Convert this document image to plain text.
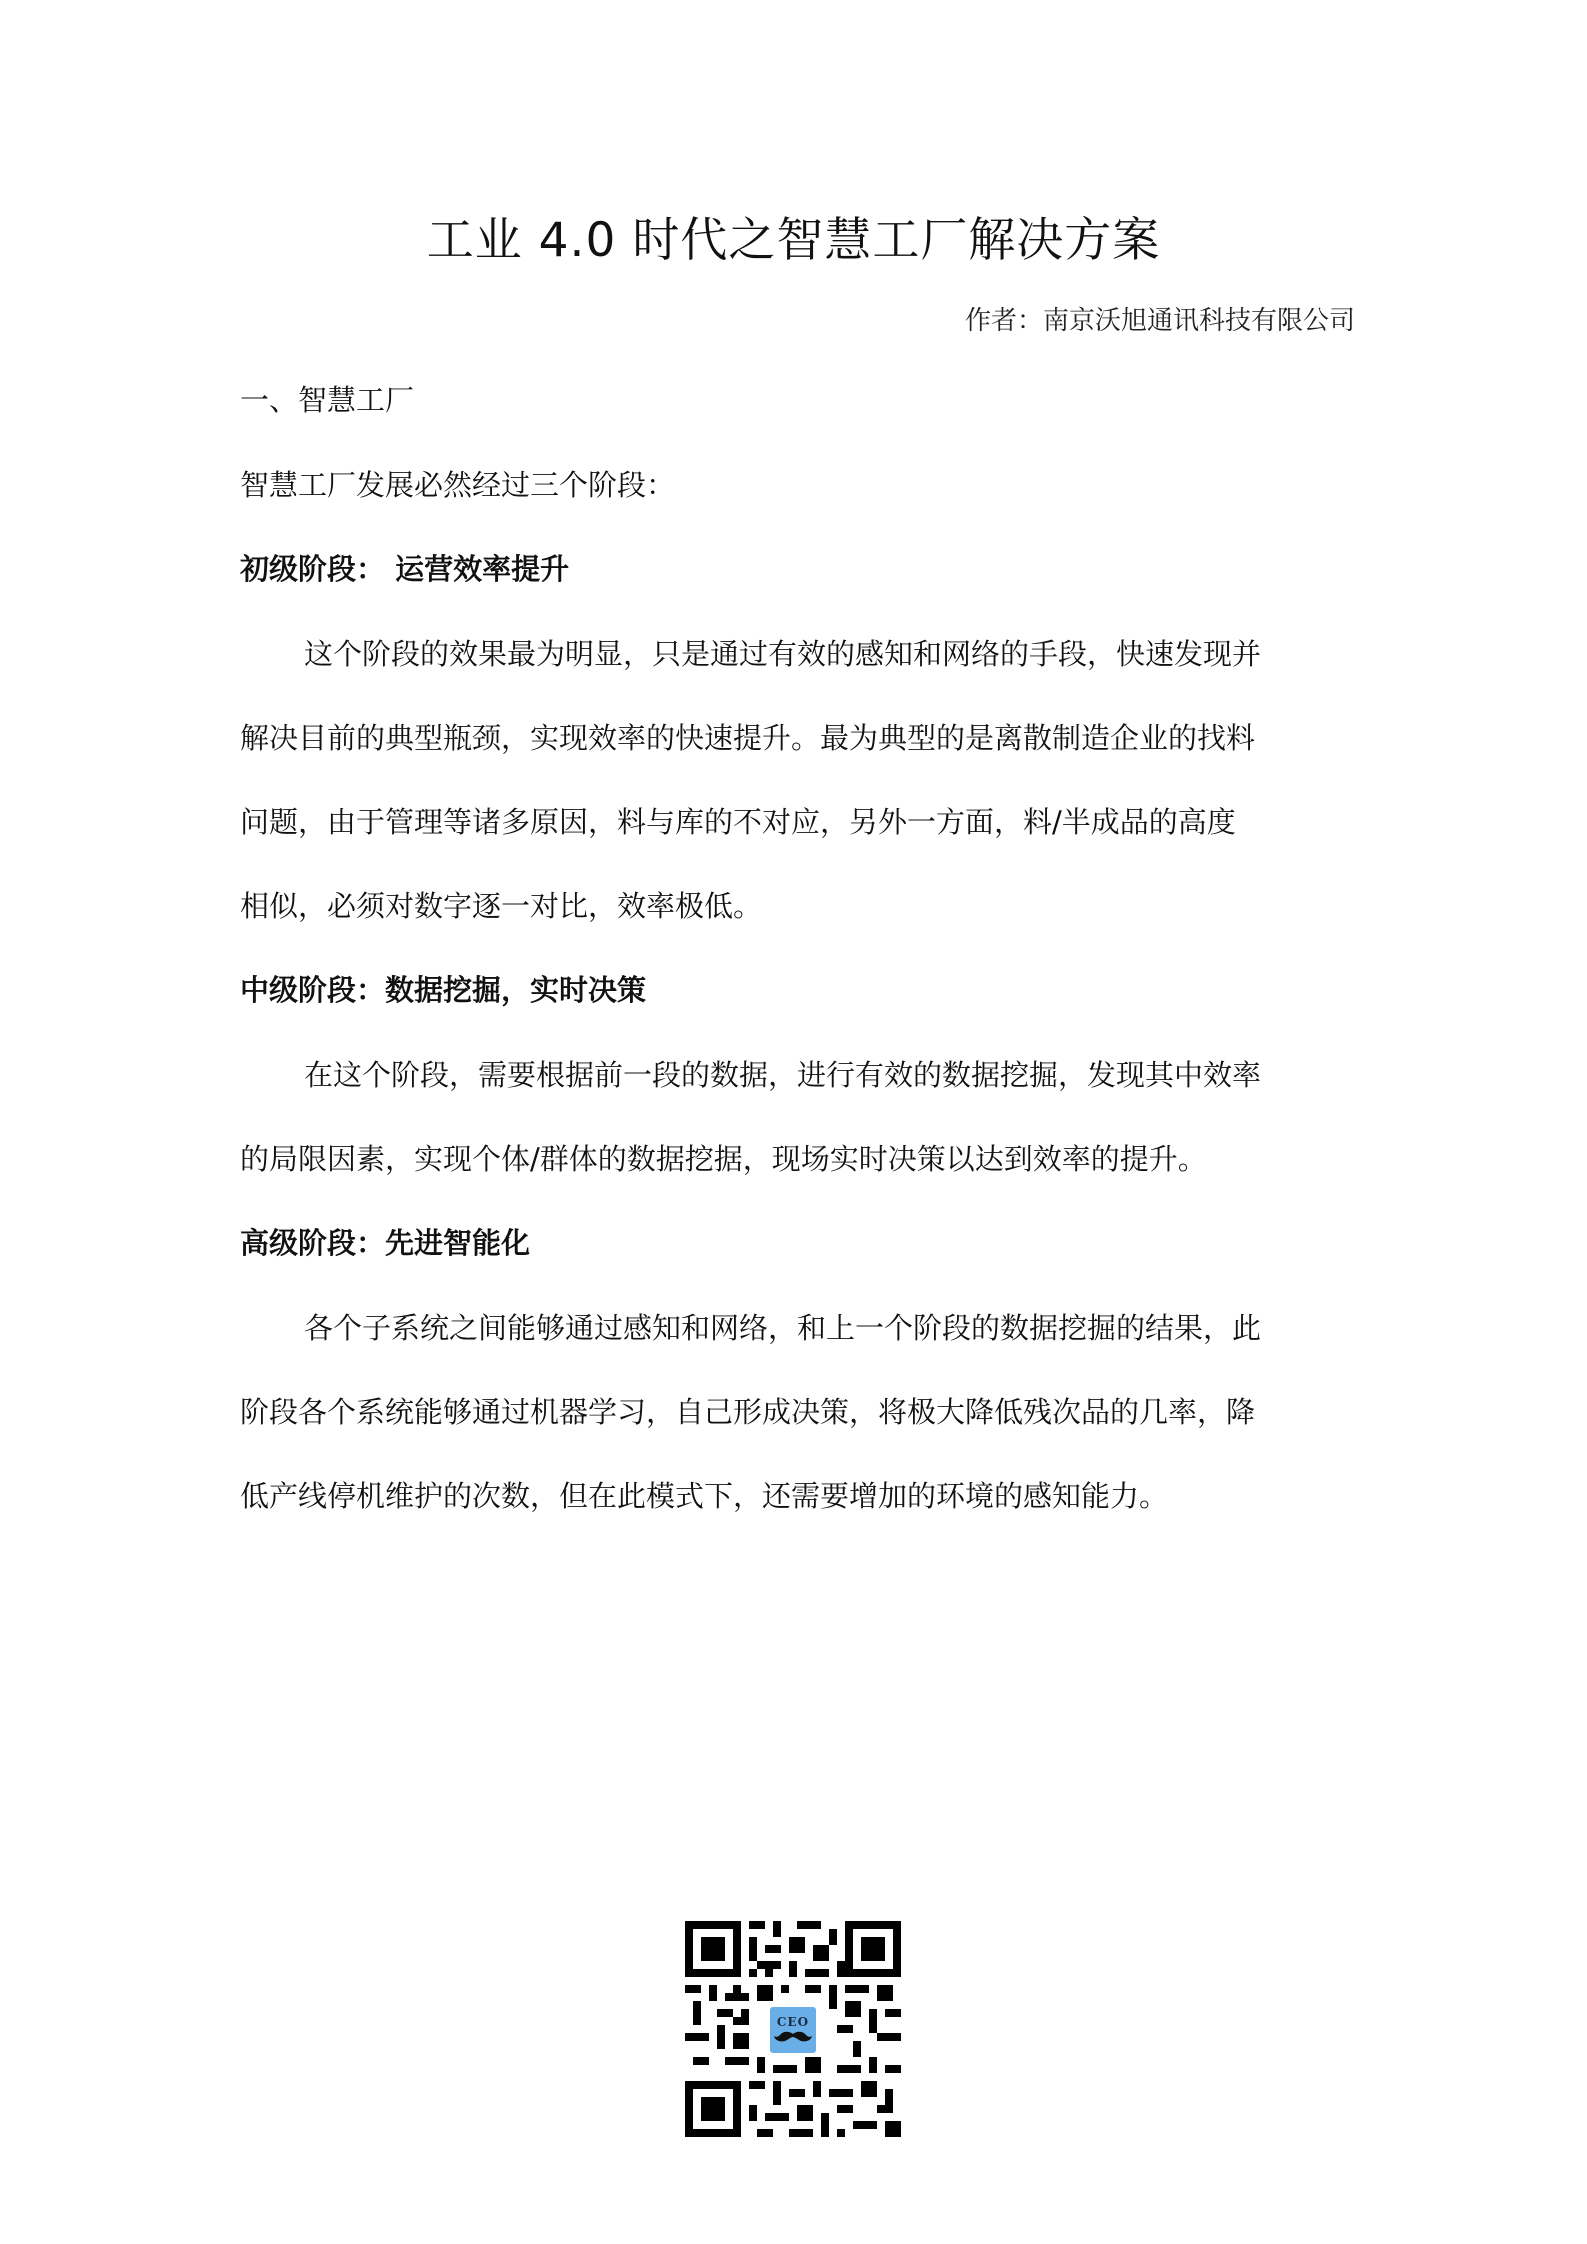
工业 4.0 时代之智慧工厂解决方案
作者：南京沃旭通讯科技有限公司
一、智慧工厂
智慧工厂发展必然经过三个阶段：
初级阶段： 运营效率提升
这个阶段的效果最为明显，只是通过有效的感知和网络的手段，快速发现并
解决目前的典型瓶颈，实现效率的快速提升。最为典型的是离散制造企业的找料
问题，由于管理等诸多原因，料与库的不对应，另外一方面，料/半成品的高度
相似，必须对数字逐一对比，效率极低。
中级阶段：数据挖掘，实时决策
在这个阶段，需要根据前一段的数据，进行有效的数据挖掘，发现其中效率
的局限因素，实现个体/群体的数据挖据，现场实时决策以达到效率的提升。
高级阶段：先进智能化
各个子系统之间能够通过感知和网络，和上一个阶段的数据挖掘的结果，此
阶段各个系统能够通过机器学习，自己形成决策，将极大降低残次品的几率，降
低产线停机维护的次数，但在此模式下，还需要增加的环境的感知能力。
CEO
